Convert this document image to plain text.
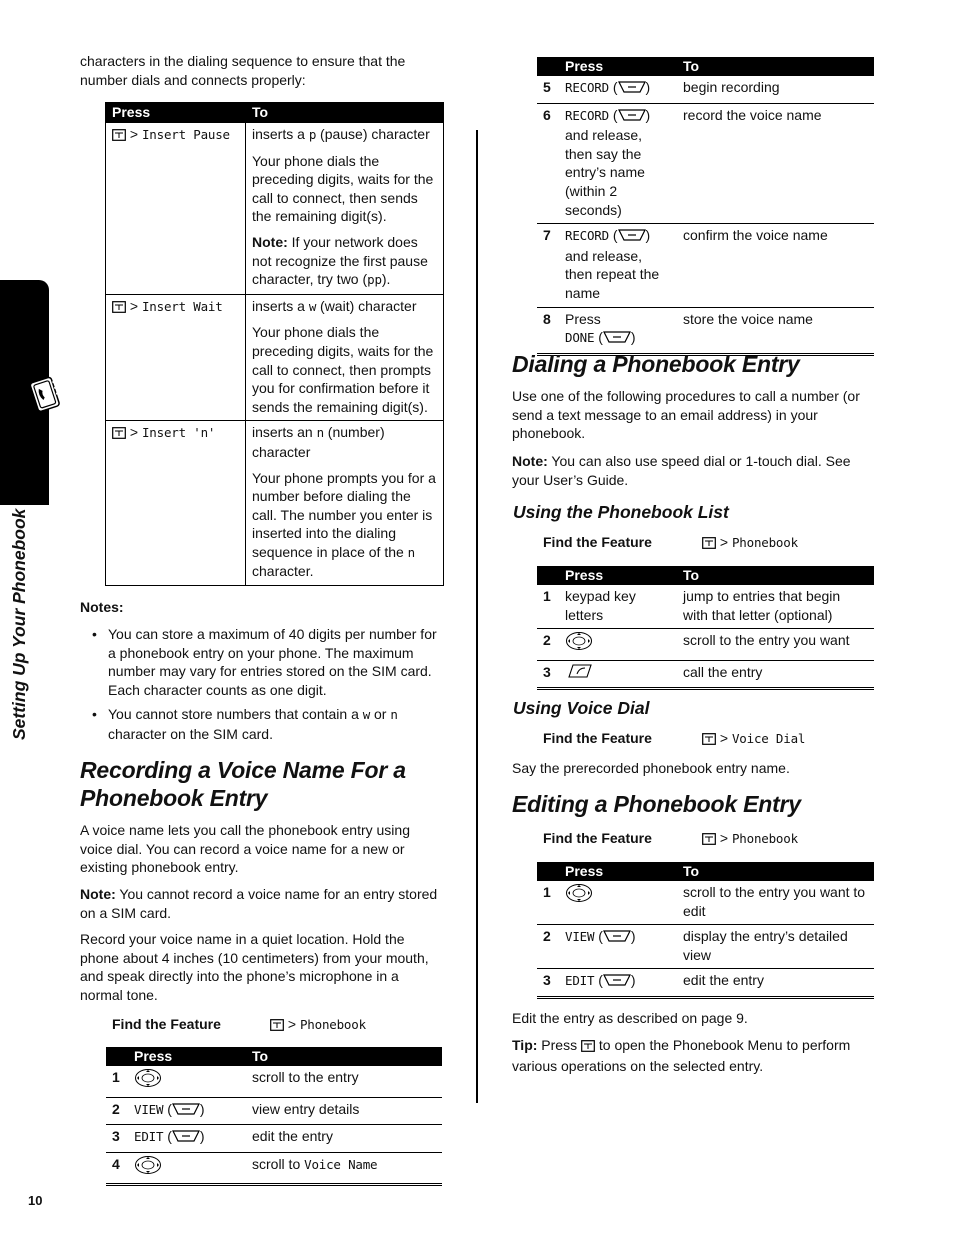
Setting Up Your Phonebook

characters in the dialing sequence to ensure that the number dials and connects properly:

Press	To
> Insert Pause	inserts a p (pause) character
Your phone dials the preceding digits, waits for the call to connect, then sends the remaining digit(s).
Note: If your network does not recognize the first pause character, try two (pp).

> Insert Wait	inserts a w (wait) character
Your phone dials the preceding digits, waits for the call to connect, then prompts you for confirmation before it sends the remaining digit(s).

> Insert 'n'	inserts an n (number) character
Your phone prompts you for a number before dialing the call. The number you enter is inserted into the dialing sequence in place of the n character.
Notes:
• You can store a maximum of 40 digits per number for a phonebook entry on your phone. The maximum number may vary for entries stored on the SIM card. Each character counts as one digit.
• You cannot store numbers that contain a w or n character on the SIM card.
Recording a Voice Name For a
Phonebook Entry

A voice name lets you call the phonebook entry using voice dial. You can record a voice name for a new or existing phonebook entry.

Note: You cannot record a voice name for an entry stored on a SIM card.

Record your voice name in a quiet location. Hold the phone about 4 inches (10 centimeters) from your mouth, and speak directly into the phone’s microphone in a normal tone.

Find the Feature	> Phonebook
	Press	To
1		scroll to the entry
2	VIEW ( )	view entry details
3	EDIT ( )	edit the entry
4		scroll to Voice Name
10
	Press	To
5	RECORD ( )	begin recording
6	RECORD ( )
and release, then say the entry’s name (within 2 seconds)	record the voice name
7	RECORD ( )
and release, then repeat the name	confirm the voice name
8	Press
DONE ( )	store the voice name
Dialing a Phonebook Entry

Use one of the following procedures to call a number (or send a text message to an email address) in your phonebook.

Note: You can also use speed dial or 1-touch dial. See your User’s Guide.

Using the Phonebook List
Find the Feature	> Phonebook
	Press	To
1	keypad key letters	jump to entries that begin with that letter (optional)
2		scroll to the entry you want
3		call the entry
Using Voice Dial
Find the Feature	> Voice Dial

Say the prerecorded phonebook entry name.

Editing a Phonebook Entry
Find the Feature	> Phonebook
	Press	To
1		scroll to the entry you want to edit
2	VIEW ( )	display the entry’s detailed view
3	EDIT ( )	edit the entry

Edit the entry as described on page 9.

Tip: Press  to open the Phonebook Menu to perform various operations on the selected entry.
